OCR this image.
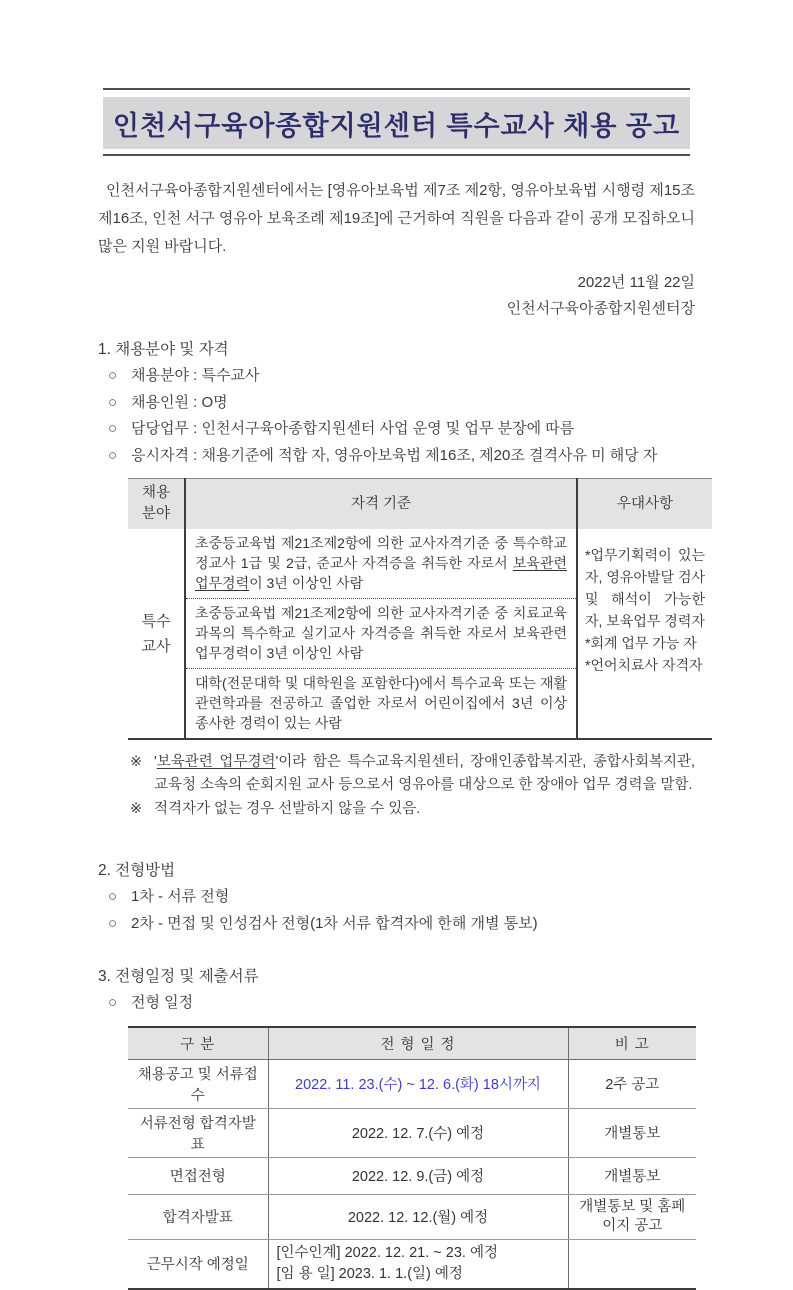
인천서구육아종합지원센터 특수교사 채용 공고

인천서구육아종합지원센터에서는 [영유아보육법 제7조 제2항, 영유아보육법 시행령 제15조 제16조, 인천 서구 영유아 보육조례 제19조]에 근거하여 직원을 다음과 같이 공개 모집하오니 많은 지원 바랍니다.

2022년 11월 22일
인천서구육아종합지원센터장
1. 채용분야 및 자격
○ 채용분야 : 특수교사
○ 채용인원 : O명
○ 담당업무 : 인천서구육아종합지원센터 사업 운영 및 업무 분장에 따름
○ 응시자격 : 채용기준에 적합 자, 영유아보육법 제16조, 제20조 결격사유 미 해당 자
채용
분야	자격 기준	우대사항

특수
교사
	초중등교육법 제21조제2항에 의한 교사자격기준 중 특수학교 정교사 1급 및 2급, 준교사 자격증을 취득한 자로서 보육관련 업무경력이 3년 이상인 사람	

*업무기획력이 있는 자, 영유아발달 검사 및 해석이 가능한 자, 보육업무 경력자

*회계 업무 가능 자

*언어치료사 자격자

	초중등교육법 제21조제2항에 의한 교사자격기준 중 치료교육 과목의 특수학교 실기교사 자격증을 취득한 자로서 보육관련 업무경력이 3년 이상인 사람	
	대학(전문대학 및 대학원을 포함한다)에서 특수교육 또는 재활 관련학과를 전공하고 졸업한 자로서 어린이집에서 3년 이상 종사한 경력이 있는 사람	
※ '보육관련 업무경력'이라 함은 특수교육지원센터, 장애인종합복지관, 종합사회복지관, 교육청 소속의 순회지원 교사 등으로서 영유아를 대상으로 한 장애아 업무 경력을 말함.
※ 적격자가 없는 경우 선발하지 않을 수 있음.
2. 전형방법
○ 1차 - 서류 전형
○ 2차 - 면접 및 인성검사 전형(1차 서류 합격자에 한해 개별 통보)
3. 전형일정 및 제출서류
○ 전형 일정
구 분	전 형 일 정	비 고
채용공고 및 서류접수	2022. 11. 23.(수) ~ 12. 6.(화) 18시까지	2주 공고
서류전형 합격자발표	2022. 12. 7.(수) 예정	개별통보
면접전형	2022. 12. 9.(금) 예정	개별통보
합격자발표	2022. 12. 12.(월) 예정	개별통보 및 홈페이지 공고
근무시작 예정일	[인수인계] 2022. 12. 21. ~ 23. 예정
[임 용 일] 2023. 1. 1.(일) 예정	
